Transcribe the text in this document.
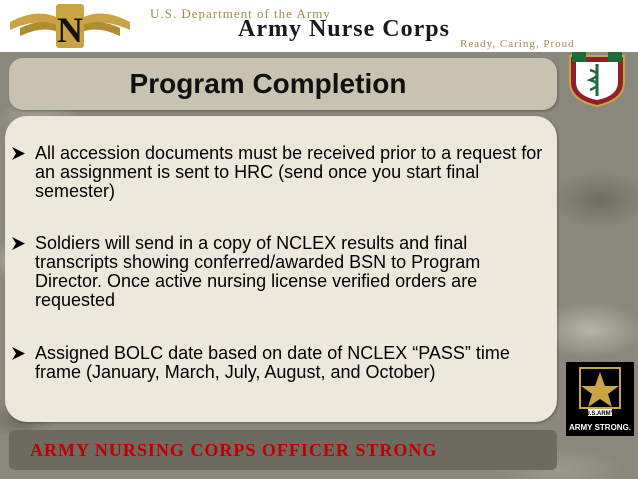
N	U.S. Department of the Army
Army Nurse Corps
Ready, Caring, Proud
Program Completion
All accession documents must be received prior to a request for an assignment is sent to HRC (send once you start final semester)
Soldiers will send in a copy of NCLEX results and final transcripts showing conferred/awarded BSN to Program Director. Once active nursing license verified orders are requested
Assigned BOLC date based on date of NCLEX “PASS” time frame (January, March, July, August, and October)
ARMY NURSING CORPS OFFICER STRONG
U.S.ARMY
ARMY STRONG.
